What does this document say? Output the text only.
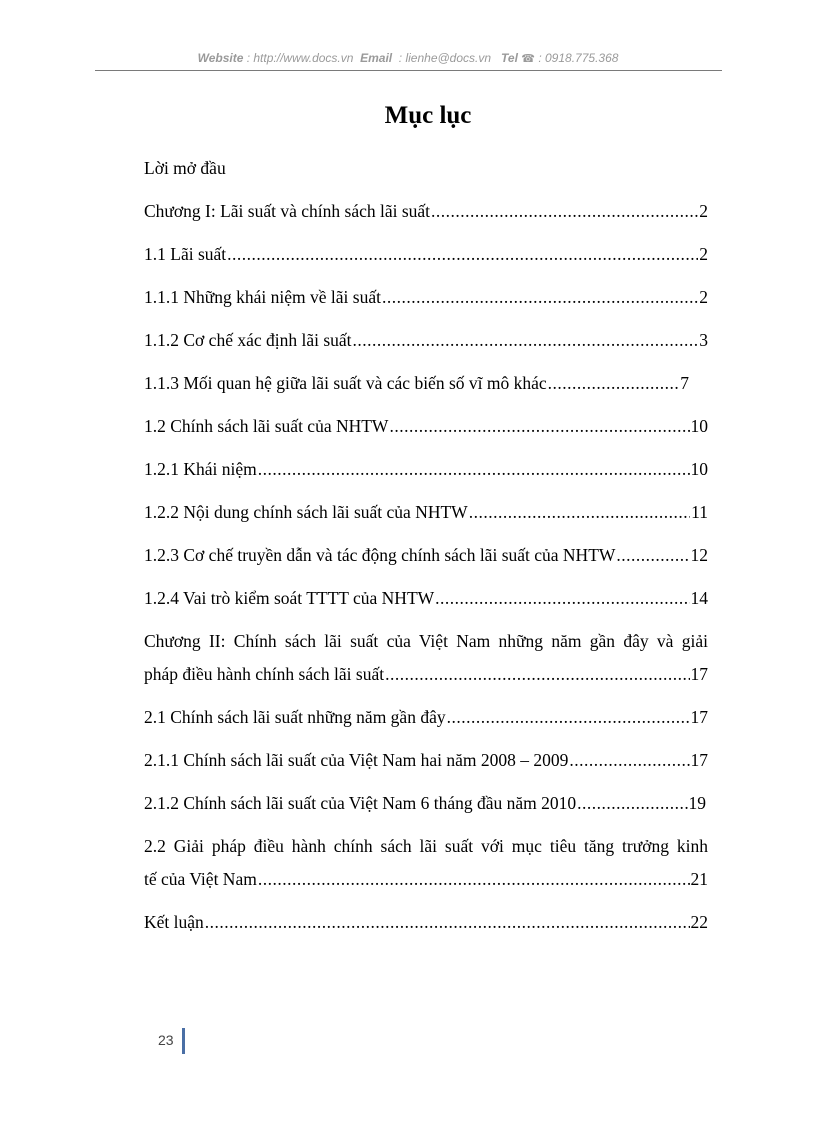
Website : http://www.docs.vn Email : lienhe@docs.vn Tel ☎ : 0918.775.368
Mục lục
Lời mở đầu
Chương I: Lãi suất và chính sách lãi suất .....	2
1.1 Lãi suất .....	2
1.1.1 Những khái niệm về lãi suất .....	2
1.1.2 Cơ chế xác định lãi suất .....	3
1.1.3 Mối quan hệ giữa lãi suất và các biến số vĩ mô khác .....	7
1.2 Chính sách lãi suất của NHTW .....	10
1.2.1 Khái niệm .....	10
1.2.2 Nội dung chính sách lãi suất của NHTW .....	11
1.2.3 Cơ chế truyền dẫn và tác động chính sách lãi suất của NHTW .....	12
1.2.4 Vai trò kiểm soát TTTT của NHTW .....	14
Chương II: Chính sách lãi suất của Việt Nam những năm gần đây và giải
pháp điều hành chính sách lãi suất .....	17
2.1 Chính sách lãi suất những năm gần đây .....	17
2.1.1 Chính sách lãi suất của Việt Nam hai năm 2008 – 2009 .....	17
2.1.2 Chính sách lãi suất của Việt Nam 6 tháng đầu năm 2010 .....	19
2.2 Giải pháp điều hành chính sách lãi suất với mục tiêu tăng trưởng kinh
tế của Việt Nam .....	21
Kết luận .....	22
23
